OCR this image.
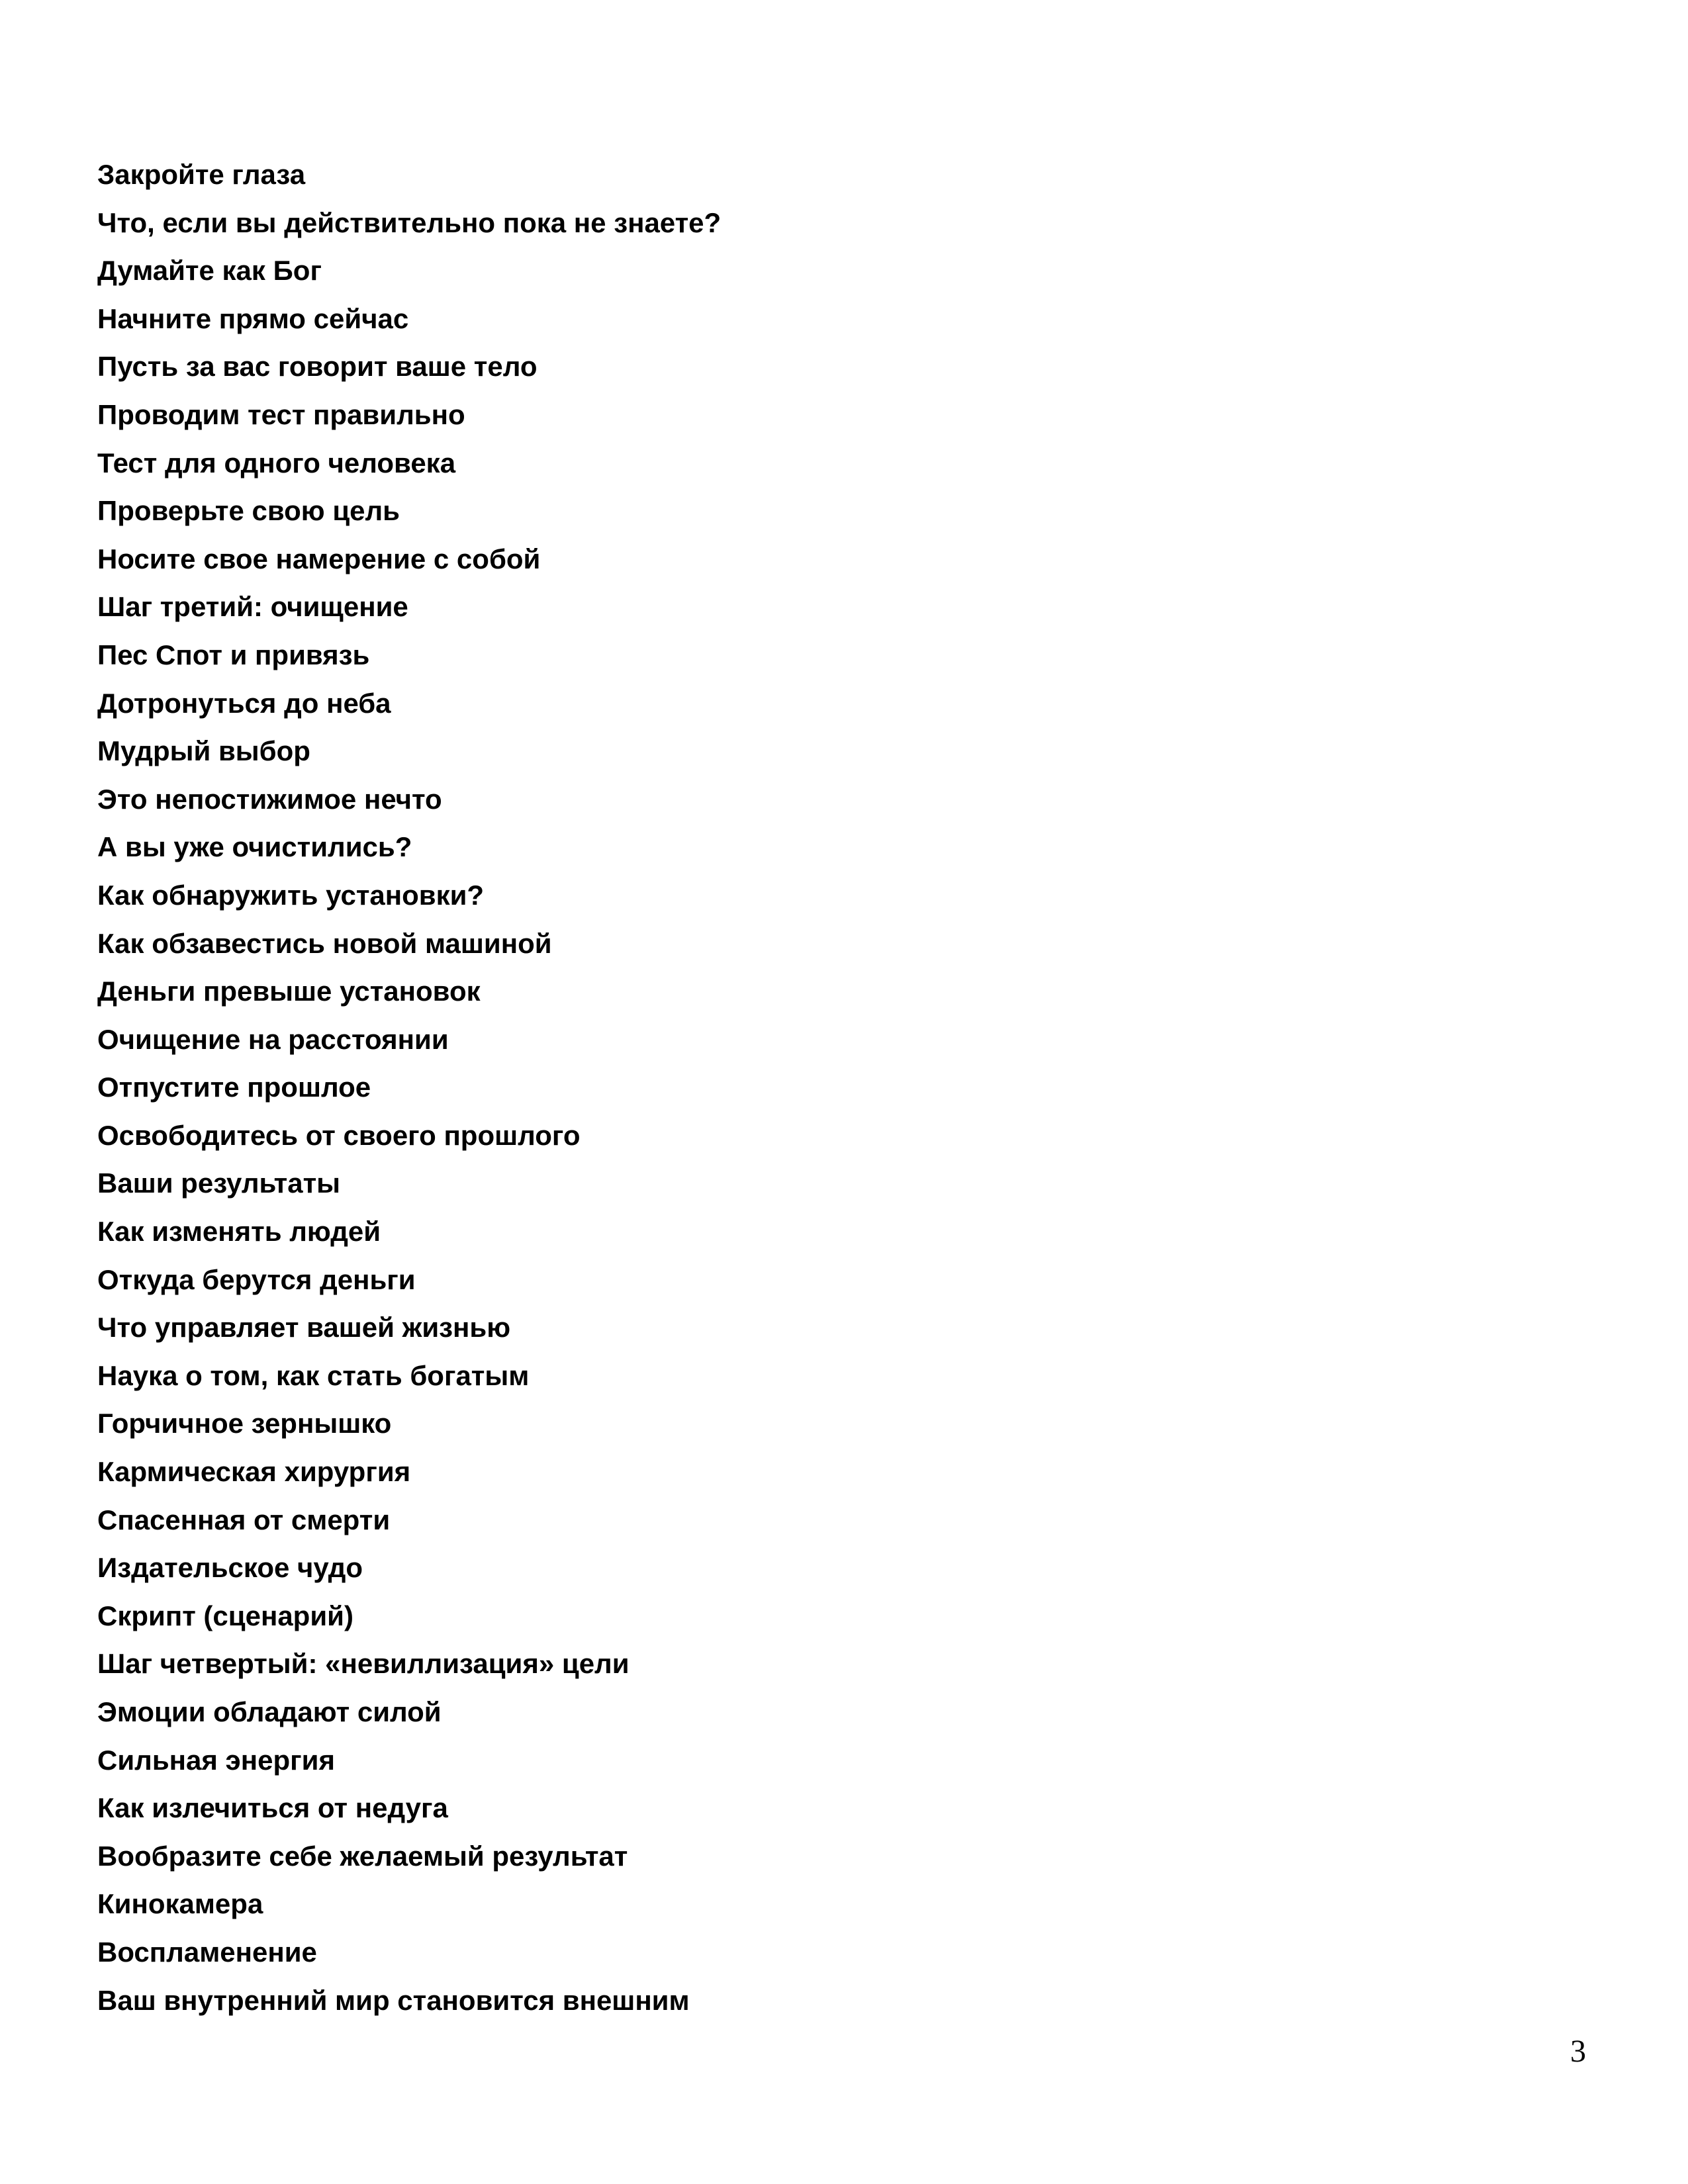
Закройте глаза
Что, если вы действительно пока не знаете?
Думайте как Бог
Начните прямо сейчас
Пусть за вас говорит ваше тело
Проводим тест правильно
Тест для одного человека
Проверьте свою цель
Носите свое намерение с собой
Шаг третий: очищение
Пес Спот и привязь
Дотронуться до неба
Мудрый выбор
Это непостижимое нечто
А вы уже очистились?
Как обнаружить установки?
Как обзавестись новой машиной
Деньги превыше установок
Очищение на расстоянии
Отпустите прошлое
Освободитесь от своего прошлого
Ваши результаты
Как изменять людей
Откуда берутся деньги
Что управляет вашей жизнью
Наука о том, как стать богатым
Горчичное зернышко
Кармическая хирургия
Спасенная от смерти
Издательское чудо
Скрипт (сценарий)
Шаг четвертый: «невиллизация» цели
Эмоции обладают силой
Сильная энергия
Как излечиться от недуга
Вообразите себе желаемый результат
Кинокамера
Воспламенение
Ваш внутренний мир становится внешним
3
